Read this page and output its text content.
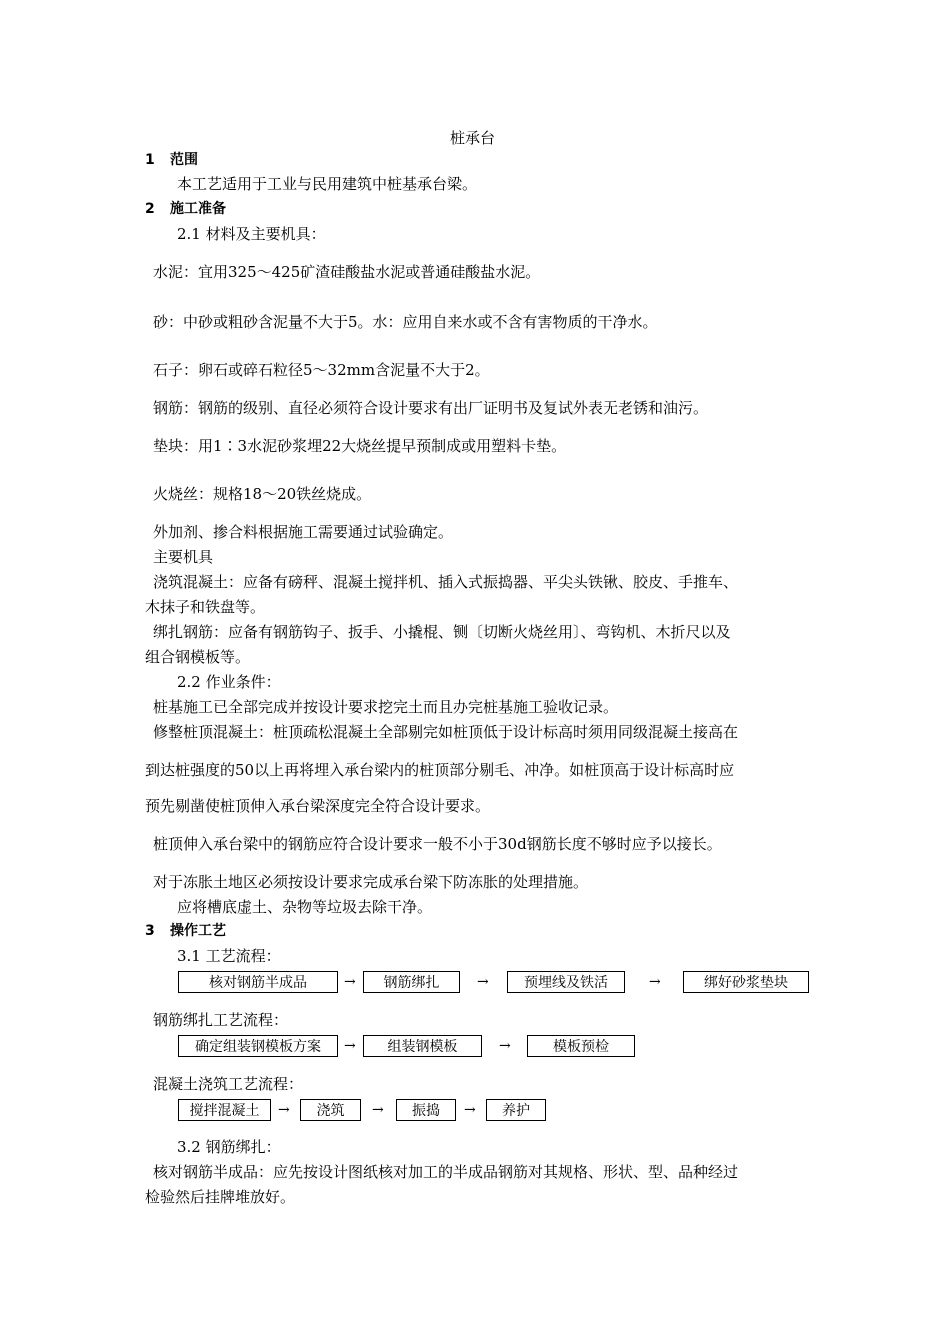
桩承台
1 范围
本工艺适用于工业与民用建筑中桩基承台梁。
2 施工准备
2.1 材料及主要机具：
水泥：宜用325～425矿渣硅酸盐水泥或普通硅酸盐水泥。
砂：中砂或粗砂含泥量不大于5。水：应用自来水或不含有害物质的干净水。
石子：卵石或碎石粒径5～32mm含泥量不大于2。
钢筋：钢筋的级别、直径必须符合设计要求有出厂证明书及复试外表无老锈和油污。
垫块：用1∶3水泥砂浆埋22大烧丝提早预制成或用塑料卡垫。
火烧丝：规格18～20铁丝烧成。
外加剂、掺合料根据施工需要通过试验确定。
主要机具
浇筑混凝土：应备有磅秤、混凝土搅拌机、插入式振捣器、平尖头铁锹、胶皮、手推车、
木抹子和铁盘等。
绑扎钢筋：应备有钢筋钩子、扳手、小撬棍、铡〔切断火烧丝用〕、弯钩机、木折尺以及
组合钢模板等。
2.2 作业条件：
桩基施工已全部完成并按设计要求挖完土而且办完桩基施工验收记录。
修整桩顶混凝土：桩顶疏松混凝土全部剔完如桩顶低于设计标高时须用同级混凝土接高在
到达桩强度的50以上再将埋入承台梁内的桩顶部分剔毛、冲净。如桩顶高于设计标高时应
预先剔凿使桩顶伸入承台梁深度完全符合设计要求。
桩顶伸入承台梁中的钢筋应符合设计要求一般不小于30d钢筋长度不够时应予以接长。
对于冻胀土地区必须按设计要求完成承台梁下防冻胀的处理措施。
应将槽底虚土、杂物等垃圾去除干净。
3 操作工艺
3.1 工艺流程：
核对钢筋半成品	→	钢筋绑扎	→	预埋线及铁活	→	绑好砂浆垫块
钢筋绑扎工艺流程：
确定组装钢模板方案	→	组装钢模板	→	模板预检
混凝土浇筑工艺流程：
搅拌混凝土	→	浇筑	→	振捣	→	养护
3.2 钢筋绑扎：
核对钢筋半成品：应先按设计图纸核对加工的半成品钢筋对其规格、形状、型、品种经过
检验然后挂牌堆放好。
